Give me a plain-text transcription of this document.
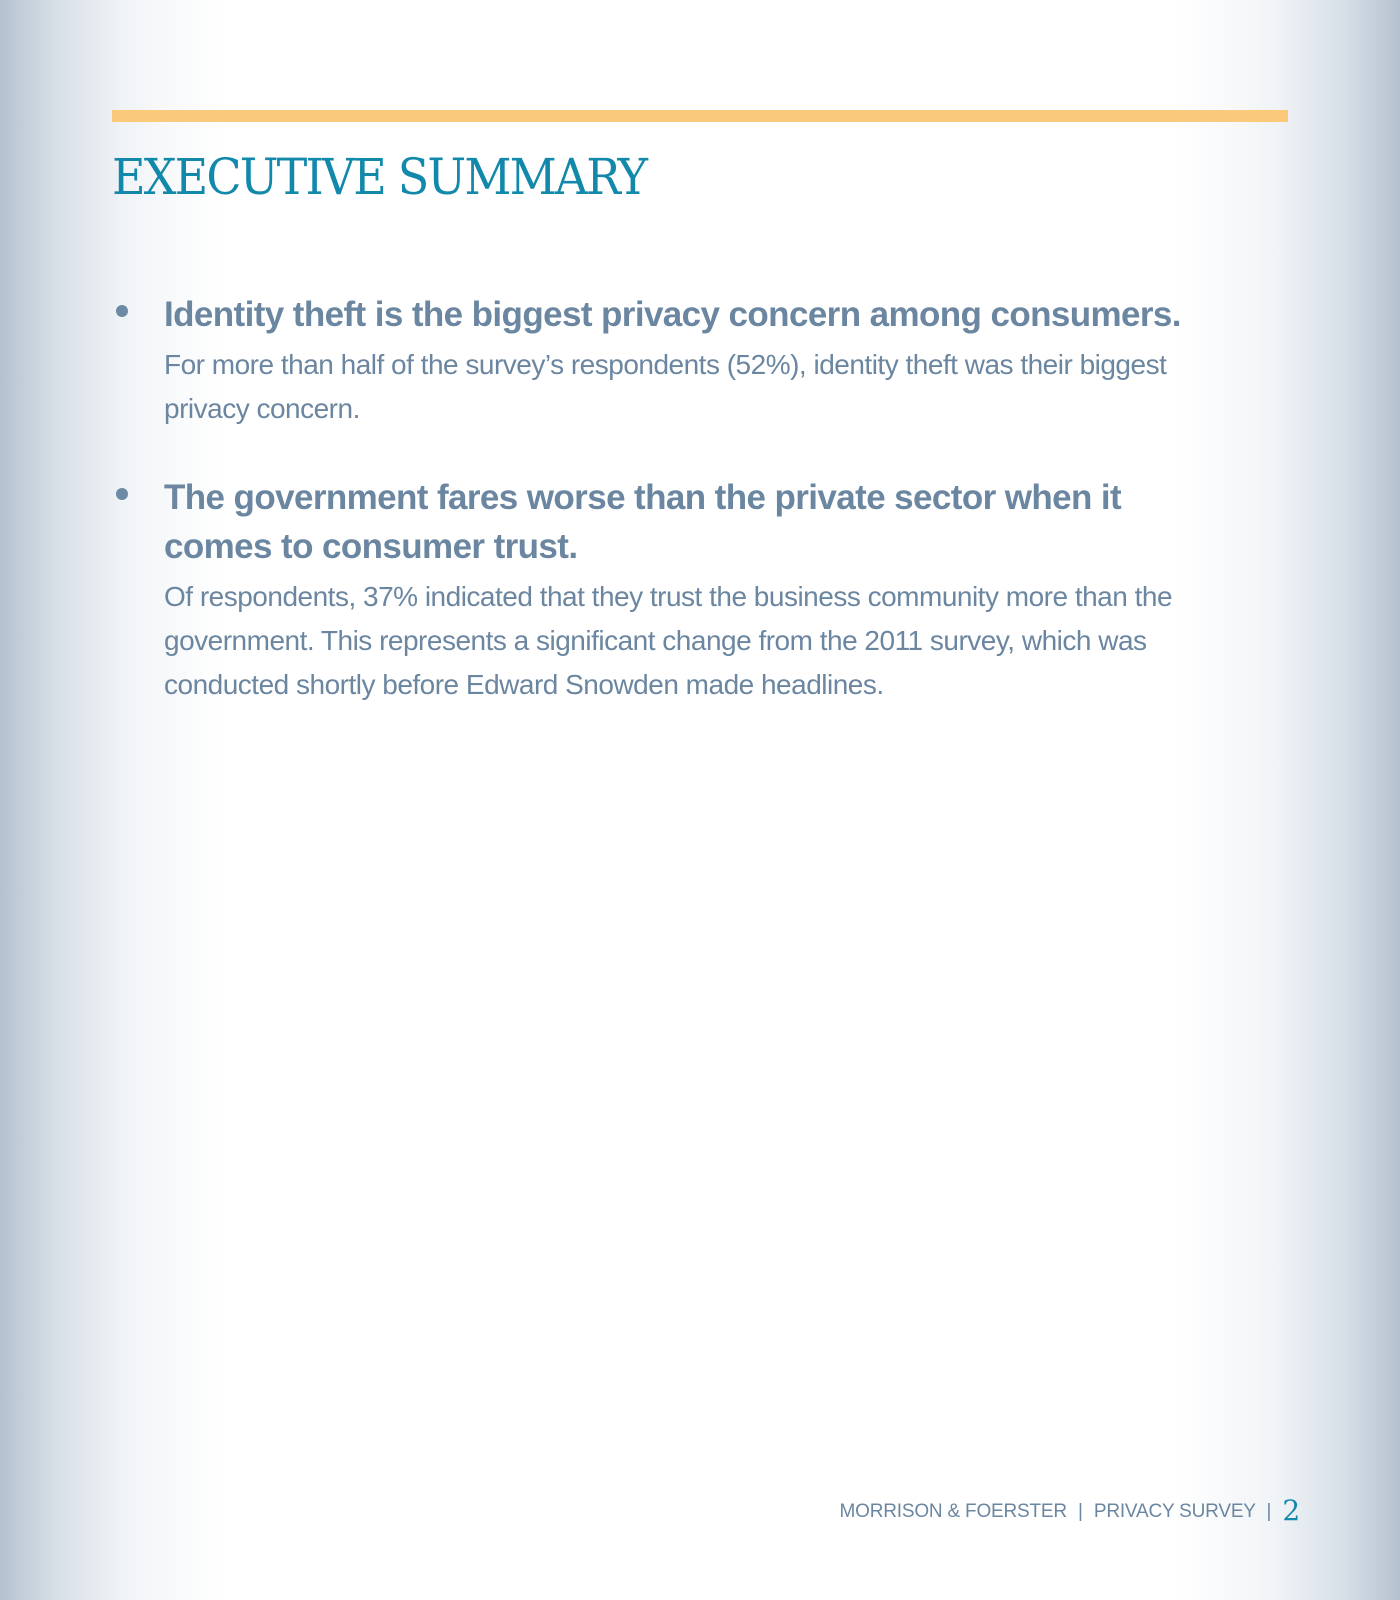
EXECUTIVE SUMMARY

Identity theft is the biggest privacy concern among consumers.

For more than half of the survey’s respondents (52%), identity theft was their biggest privacy concern.

The government fares worse than the private sector when it comes to consumer trust.

Of respondents, 37% indicated that they trust the business community more than the government. This represents a significant change from the 2011 survey, which was conducted shortly before Edward Snowden made headlines.

MORRISON & FOERSTER | PRIVACY SURVEY | 2
